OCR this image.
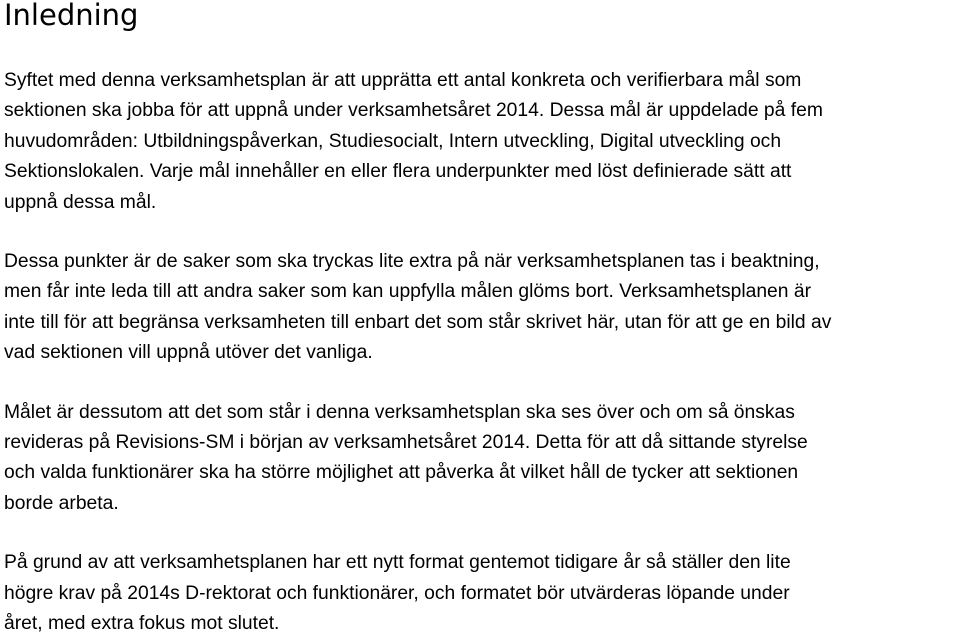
Inledning

Syftet med denna verksamhetsplan är att upprätta ett antal konkreta och verifierbara mål som
sektionen ska jobba för att uppnå under verksamhetsåret 2014. Dessa mål är uppdelade på fem
huvudområden: Utbildningspåverkan, Studiesocialt, Intern utveckling, Digital utveckling och
Sektionslokalen. Varje mål innehåller en eller flera underpunkter med löst definierade sätt att
uppnå dessa mål.

Dessa punkter är de saker som ska tryckas lite extra på när verksamhetsplanen tas i beaktning,
men får inte leda till att andra saker som kan uppfylla målen glöms bort. Verksamhetsplanen är
inte till för att begränsa verksamheten till enbart det som står skrivet här, utan för att ge en bild av
vad sektionen vill uppnå utöver det vanliga.

Målet är dessutom att det som står i denna verksamhetsplan ska ses över och om så önskas
revideras på Revisions-SM i början av verksamhetsåret 2014. Detta för att då sittande styrelse
och valda funktionärer ska ha större möjlighet att påverka åt vilket håll de tycker att sektionen
borde arbeta.

På grund av att verksamhetsplanen har ett nytt format gentemot tidigare år så ställer den lite
högre krav på 2014s D-rektorat och funktionärer, och formatet bör utvärderas löpande under
året, med extra fokus mot slutet.
